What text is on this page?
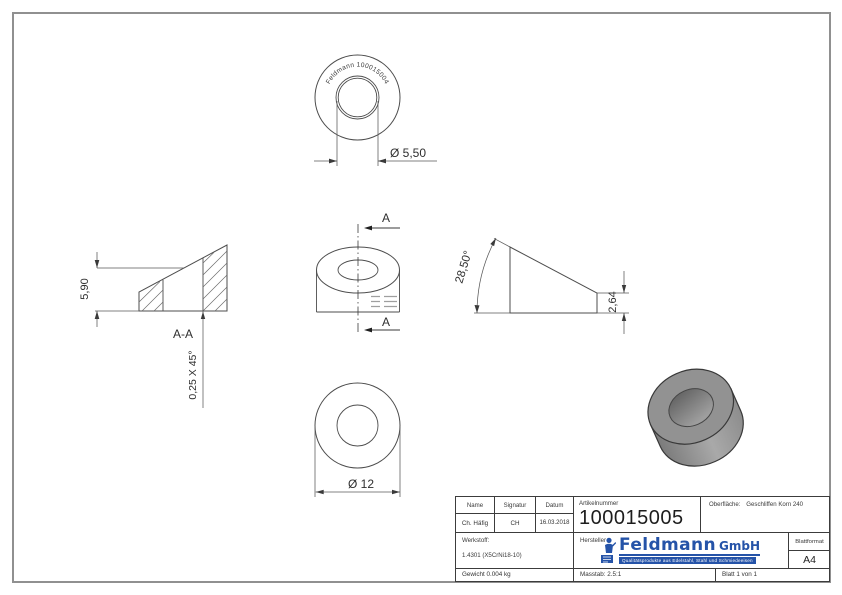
Feldmann 100015004
Ø 5,50
5,90
A-A
0,25 X 45°
A
A
28,50°
2,64
Ø 12
Name	Signatur	Datum
Ch. Häfig	CH	16.03.2018
Artikelnummer
100015005
Oberfläche: Geschliffen Korn 240
Werkstoff:
1.4301 (X5CrNi18-10)
Hersteller Feldmann GmbH
Qualitätsprodukte aus Edelstahl, Stahl und Schmiedeeisen
Blattformat
A4
Gewicht 0.004 kg	Masstab: 2.5:1	Blatt 1 von 1
